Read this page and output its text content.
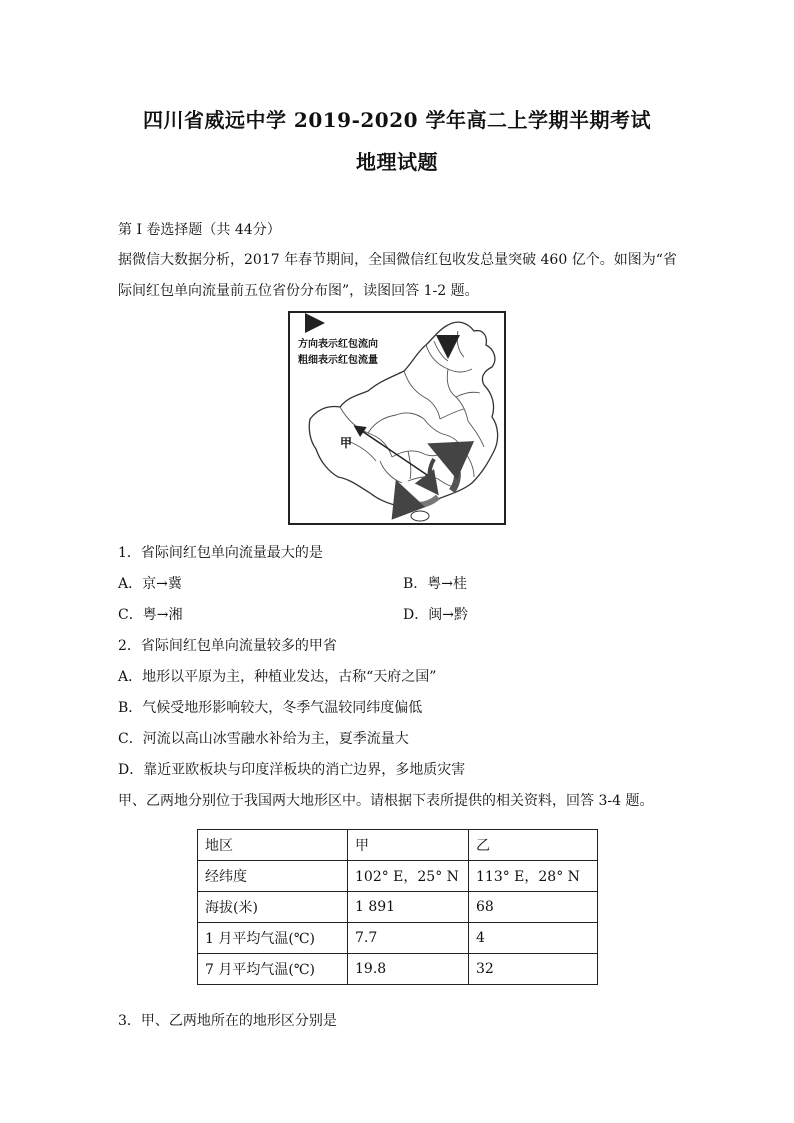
四川省威远中学 2019-2020 学年高二上学期半期考试
地理试题
第 I 卷选择题（共 44分）
据微信大数据分析，2017 年春节期间，全国微信红包收发总量突破 460 亿个。如图为“省
际间红包单向流量前五位省份分布图”，读图回答 1-2 题。
方向表示红包流向
粗细表示红包流量
甲
1．省际间红包单向流量最大的是
A．京→冀	B．粤→桂
C．粤→湘	D．闽→黔
2．省际间红包单向流量较多的甲省
A．地形以平原为主，种植业发达，古称“天府之国”
B．气候受地形影响较大，冬季气温较同纬度偏低
C．河流以高山冰雪融水补给为主，夏季流量大
D．靠近亚欧板块与印度洋板块的消亡边界，多地质灾害
甲、乙两地分别位于我国两大地形区中。请根据下表所提供的相关资料，回答 3-4 题。
地区	甲	乙
经纬度	102° E，25° N	113° E，28° N
海拔(米)	1 891	68
1 月平均气温(℃)	7.7	4
7 月平均气温(℃)	19.8	32
3．甲、乙两地所在的地形区分别是
